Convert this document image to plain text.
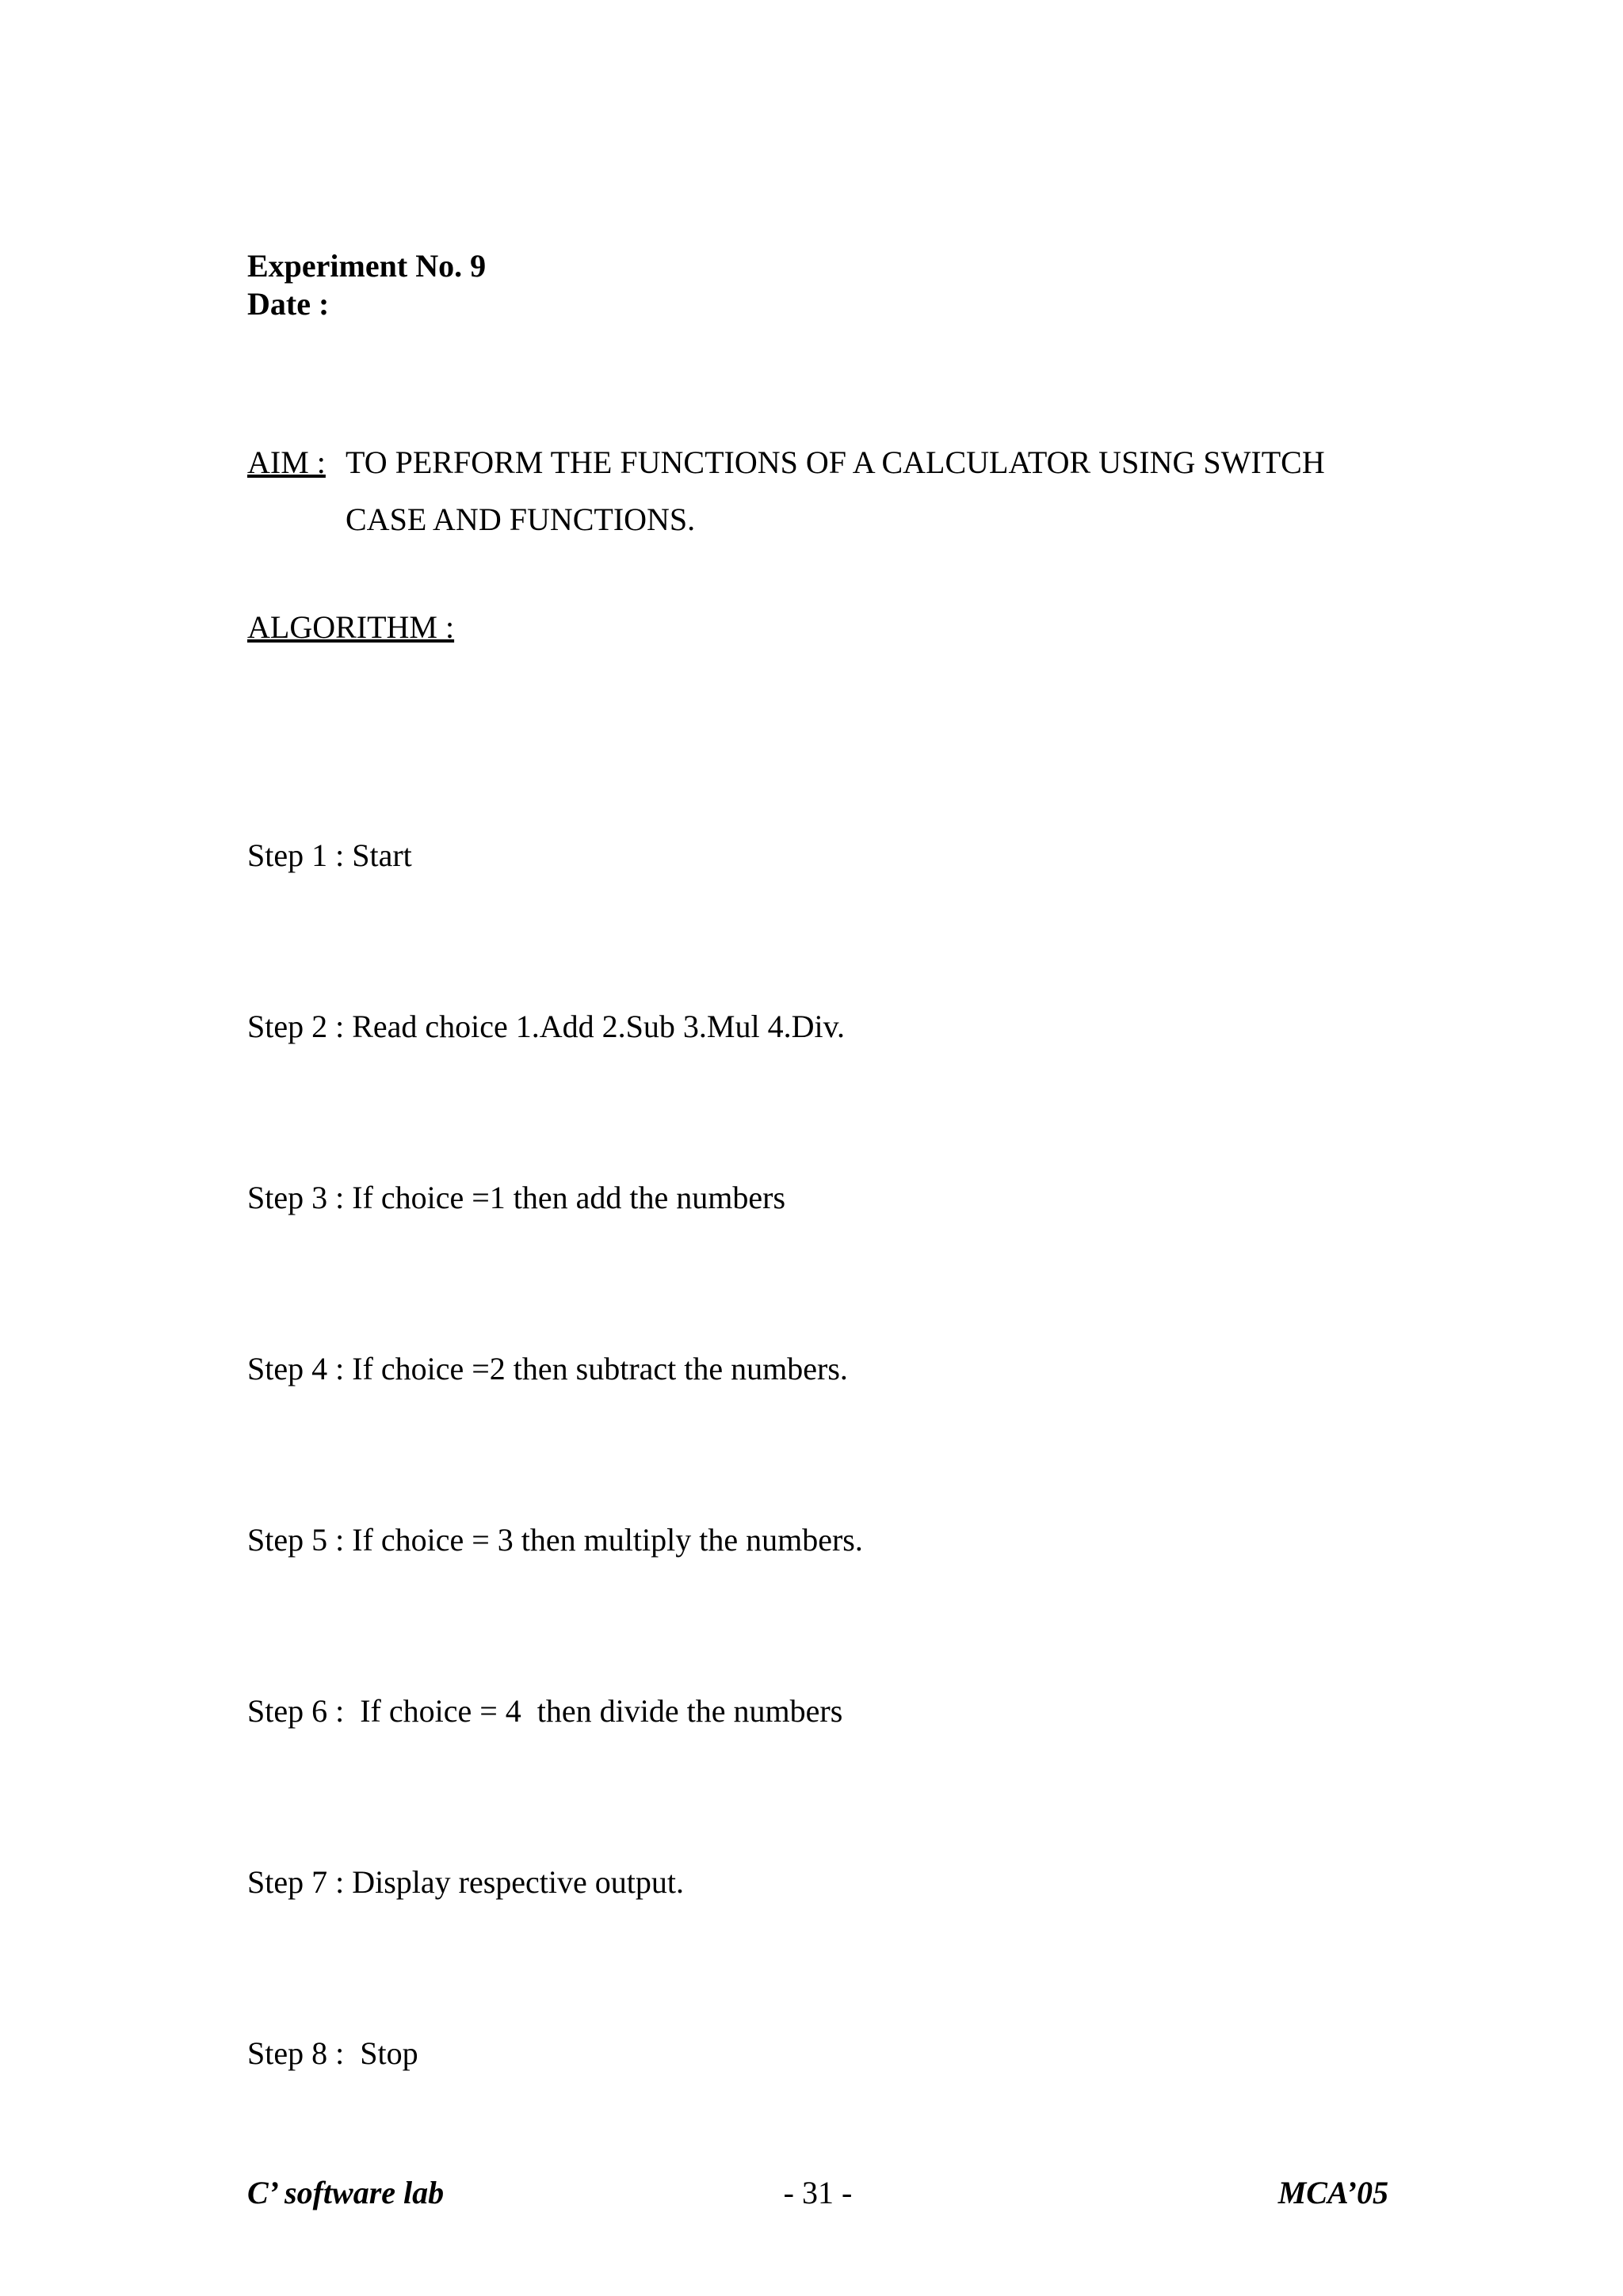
Experiment No. 9
Date :
AIM : TO PERFORM THE FUNCTIONS OF A CALCULATOR USING SWITCH CASE AND FUNCTIONS.
ALGORITHM :

Step 1 : Start

Step 2 : Read choice 1.Add 2.Sub 3.Mul 4.Div.

Step 3 : If choice =1 then add the numbers

Step 4 : If choice =2 then subtract the numbers.

Step 5 : If choice = 3 then multiply the numbers.

Step 6 :  If choice = 4  then divide the numbers

Step 7 : Display respective output.

Step 8 :  Stop

C’ software lab	- 31 -	MCA’05
